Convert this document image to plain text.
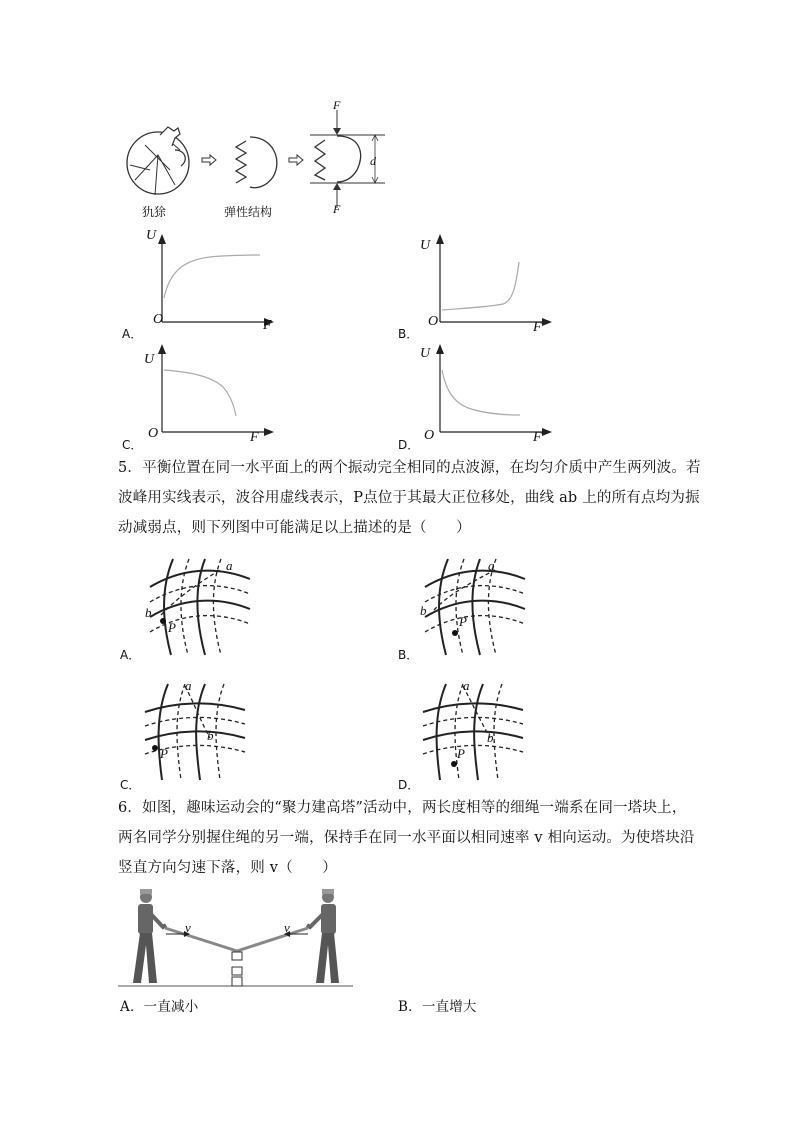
犰狳	弹性结构
F
F
d
A．
U
O	F
B．
U
O	F
C．
U
O	F	D．
U
O	F
5．平衡位置在同一水平面上的两个振动完全相同的点波源，在均匀介质中产生两列波。若
波峰用实线表示，波谷用虚线表示，P点位于其最大正位移处，曲线 ab 上的所有点均为振
动减弱点，则下列图中可能满足以上描述的是（　　）
A．
a
b
P
B．
a
b
P
C．
a
b
P
D．
a
b
P
6．如图，趣味运动会的“聚力建高塔”活动中，两长度相等的细绳一端系在同一塔块上，
两名同学分别握住绳的另一端，保持手在同一水平面以相同速率 v 相向运动。为使塔块沿
竖直方向匀速下落，则 v（　　）
v	v
A．一直减小	B．一直增大
